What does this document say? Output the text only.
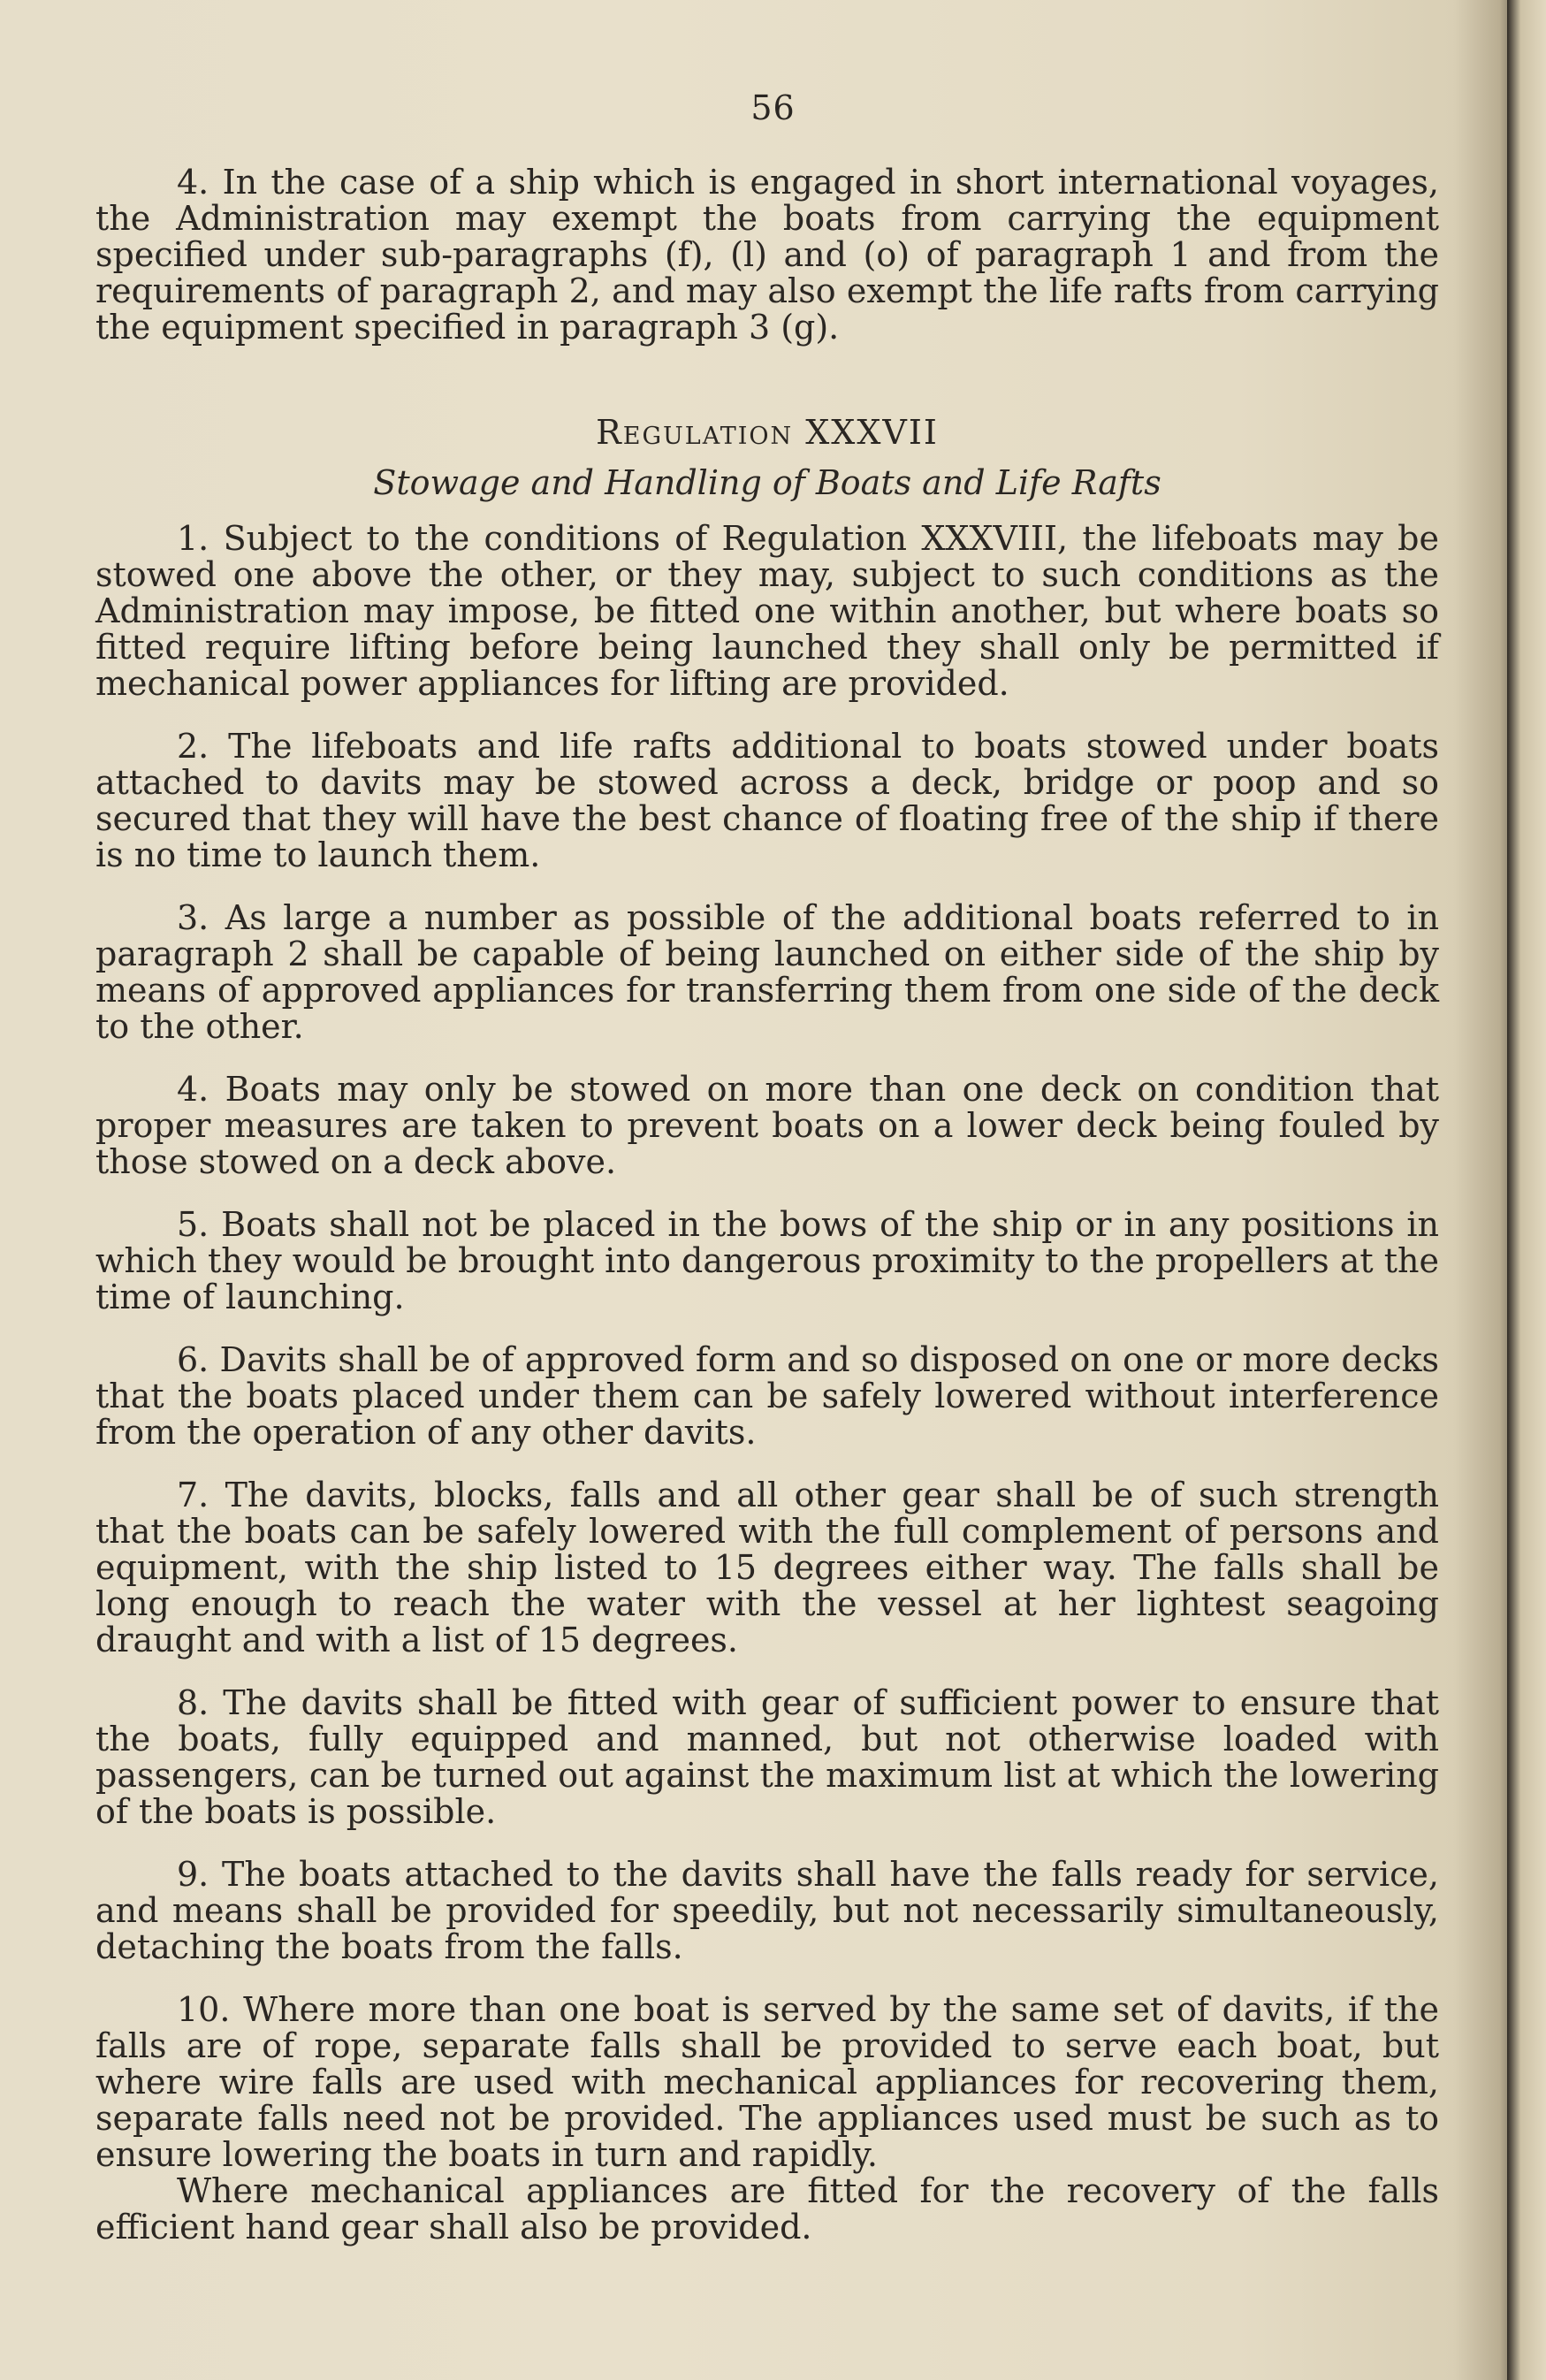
56

4. In the case of a ship which is engaged in short international voyages, the Administration may exempt the boats from carrying the equipment specified under sub-paragraphs (f), (l) and (o) of paragraph 1 and from the requirements of paragraph 2, and may also exempt the life rafts from carrying the equipment specified in paragraph 3 (g).

Regulation XXXVII
Stowage and Handling of Boats and Life Rafts

1. Subject to the conditions of Regulation XXXVIII, the lifeboats may be stowed one above the other, or they may, subject to such conditions as the Administration may impose, be fitted one within another, but where boats so fitted require lifting before being launched they shall only be permitted if mechanical power appliances for lifting are provided.

2. The lifeboats and life rafts additional to boats stowed under boats attached to davits may be stowed across a deck, bridge or poop and so secured that they will have the best chance of floating free of the ship if there is no time to launch them.

3. As large a number as possible of the additional boats referred to in paragraph 2 shall be capable of being launched on either side of the ship by means of approved appliances for transferring them from one side of the deck to the other.

4. Boats may only be stowed on more than one deck on condition that proper measures are taken to prevent boats on a lower deck being fouled by those stowed on a deck above.

5. Boats shall not be placed in the bows of the ship or in any positions in which they would be brought into dangerous proximity to the propellers at the time of launching.

6. Davits shall be of approved form and so disposed on one or more decks that the boats placed under them can be safely lowered without interference from the operation of any other davits.

7. The davits, blocks, falls and all other gear shall be of such strength that the boats can be safely lowered with the full complement of persons and equipment, with the ship listed to 15 degrees either way. The falls shall be long enough to reach the water with the vessel at her lightest seagoing draught and with a list of 15 degrees.

8. The davits shall be fitted with gear of sufficient power to ensure that the boats, fully equipped and manned, but not otherwise loaded with passengers, can be turned out against the maximum list at which the lowering of the boats is possible.

9. The boats attached to the davits shall have the falls ready for service, and means shall be provided for speedily, but not necessarily simultaneously, detaching the boats from the falls.

10. Where more than one boat is served by the same set of davits, if the falls are of rope, separate falls shall be provided to serve each boat, but where wire falls are used with mechanical appliances for recovering them, separate falls need not be provided. The appliances used must be such as to ensure lowering the boats in turn and rapidly.

Where mechanical appliances are fitted for the recovery of the falls efficient hand gear shall also be provided.
